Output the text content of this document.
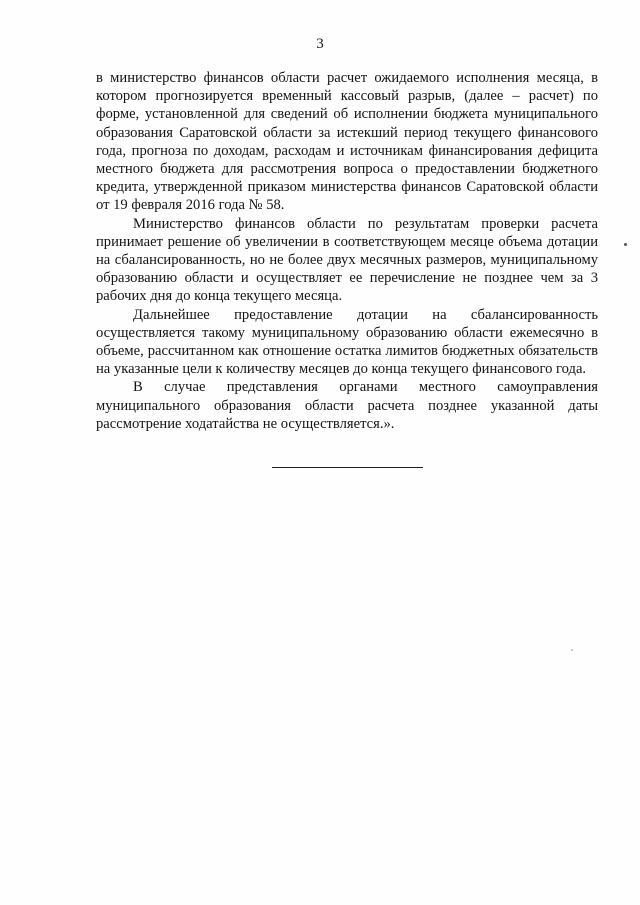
3

в министерство финансов области расчет ожидаемого исполнения месяца, в котором прогнозируется временный кассовый разрыв, (далее – расчет) по форме, установленной для сведений об исполнении бюджета муниципального образования Саратовской области за истекший период текущего финансового года, прогноза по доходам, расходам и источникам финансирования дефицита местного бюджета для рассмотрения вопроса о предоставлении бюджетного кредита, утвержденной приказом министерства финансов Саратовской области от 19 февраля 2016 года № 58.

Министерство финансов области по результатам проверки расчета принимает решение об увеличении в соответствующем месяце объема дотации на сбалансированность, но не более двух месячных размеров, муниципальному образованию области и осуществляет ее перечисление не позднее чем за 3 рабочих дня до конца текущего месяца.

Дальнейшее предоставление дотации на сбалансированность осуществляется такому муниципальному образованию области ежемесячно в объеме, рассчитанном как отношение остатка лимитов бюджетных обязательств на указанные цели к количеству месяцев до конца текущего финансового года.

В случае представления органами местного самоуправления муниципального образования области расчета позднее указанной даты рассмотрение ходатайства не осуществляется.».
